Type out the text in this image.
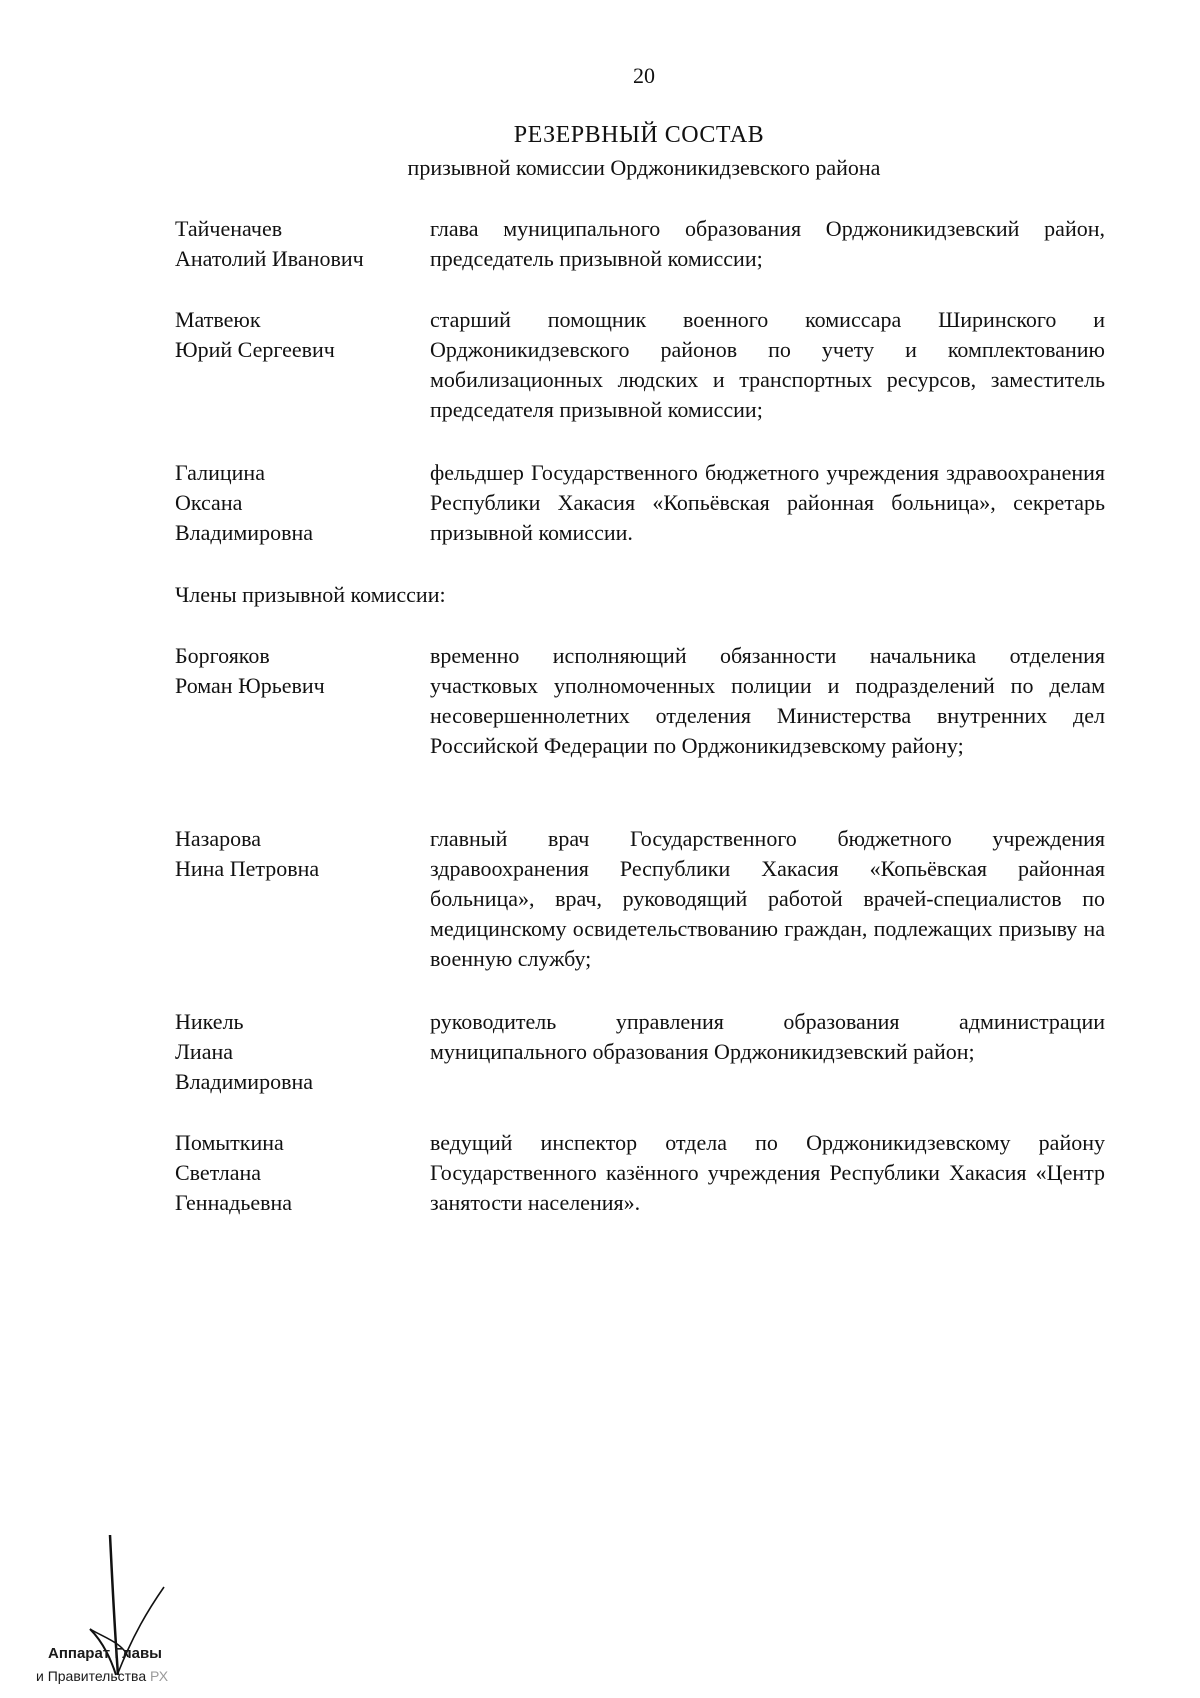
20
РЕЗЕРВНЫЙ СОСТАВ
призывной комиссии Орджоникидзевского района
Тайченачев
Анатолий Иванович
глава муниципального образования Орджоникидзевский район, председатель призывной комиссии;
Матвеюк
Юрий Сергеевич
старший помощник военного комиссара Ширинского и Орджоникидзевского районов по учету и комплектованию мобилизационных людских и транспортных ресурсов, заместитель председателя призывной комиссии;
Галицина
Оксана
Владимировна
фельдшер Государственного бюджетного учреждения здравоохранения Республики Хакасия «Копьёвская районная больница», секретарь призывной комиссии.
Члены призывной комиссии:
Боргояков
Роман Юрьевич
временно исполняющий обязанности начальника отделения участковых уполномоченных полиции и подразделений по делам несовершеннолетних отделения Министерства внутренних дел Российской Федерации по Орджоникидзевскому району;
Назарова
Нина Петровна
главный врач Государственного бюджетного учреждения здравоохранения Республики Хакасия «Копьёвская районная больница», врач, руководящий работой врачей-специалистов по медицинскому освидетельствованию граждан, подлежащих призыву на военную службу;
Никель
Лиана
Владимировна
руководитель управления образования администрации муниципального образования Орджоникидзевский район;
Помыткина
Светлана
Геннадьевна
ведущий инспектор отдела по Орджоникидзевскому району Государственного казённого учреждения Республики Хакасия «Центр занятости населения».
Аппарат Главы
и Правительства РХ
